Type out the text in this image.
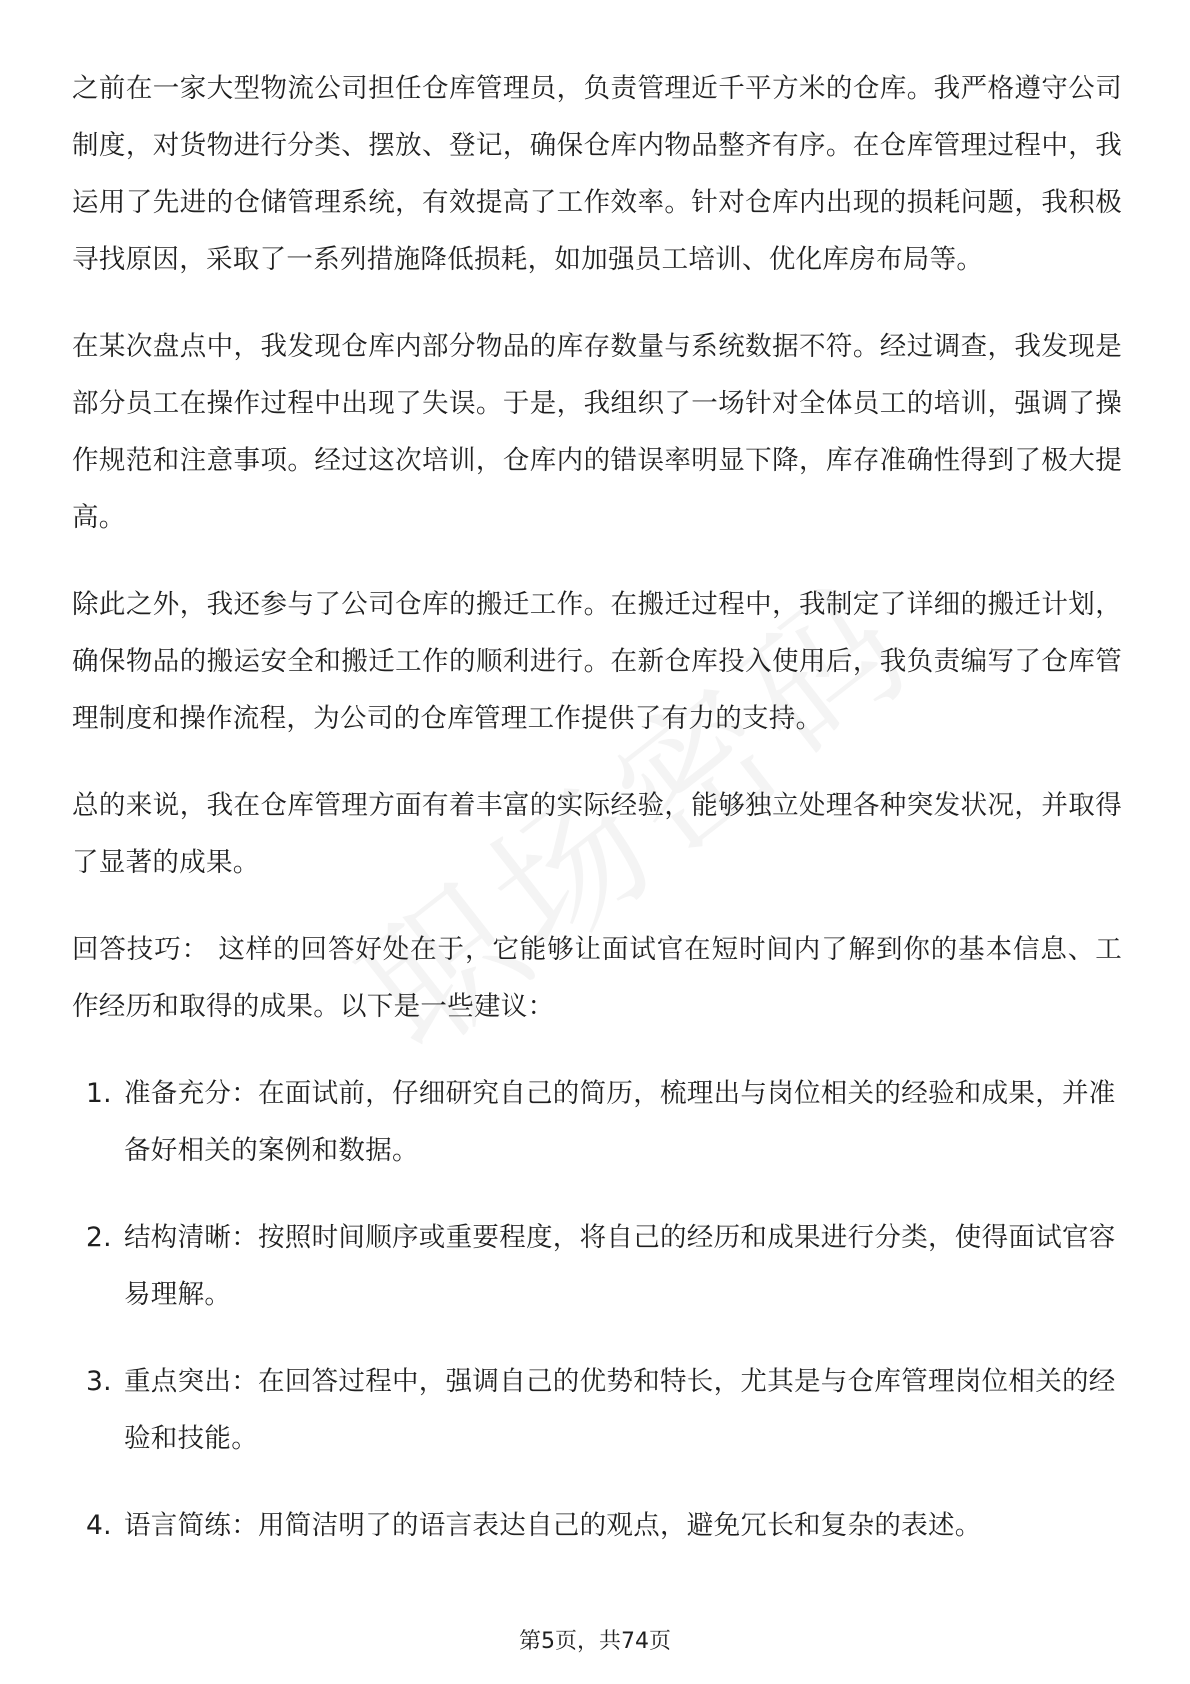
之前在一家大型物流公司担任仓库管理员，负责管理近千平方米的仓库。我严格遵守公司制度，对货物进行分类、摆放、登记，确保仓库内物品整齐有序。在仓库管理过程中，我运用了先进的仓储管理系统，有效提高了工作效率。针对仓库内出现的损耗问题，我积极寻找原因，采取了一系列措施降低损耗，如加强员工培训、优化库房布局等。

在某次盘点中，我发现仓库内部分物品的库存数量与系统数据不符。经过调查，我发现是部分员工在操作过程中出现了失误。于是，我组织了一场针对全体员工的培训，强调了操作规范和注意事项。经过这次培训，仓库内的错误率明显下降，库存准确性得到了极大提高。

除此之外，我还参与了公司仓库的搬迁工作。在搬迁过程中，我制定了详细的搬迁计划，确保物品的搬运安全和搬迁工作的顺利进行。在新仓库投入使用后，我负责编写了仓库管理制度和操作流程，为公司的仓库管理工作提供了有力的支持。

总的来说，我在仓库管理方面有着丰富的实际经验，能够独立处理各种突发状况，并取得了显著的成果。

回答技巧： 这样的回答好处在于，它能够让面试官在短时间内了解到你的基本信息、工作经历和取得的成果。以下是一些建议：

1. 准备充分：在面试前，仔细研究自己的简历，梳理出与岗位相关的经验和成果，并准备好相关的案例和数据。
2. 结构清晰：按照时间顺序或重要程度，将自己的经历和成果进行分类，使得面试官容易理解。
3. 重点突出：在回答过程中，强调自己的优势和特长，尤其是与仓库管理岗位相关的经验和技能。
4. 语言简练：用简洁明了的语言表达自己的观点，避免冗长和复杂的表述。
第5页，共74页
